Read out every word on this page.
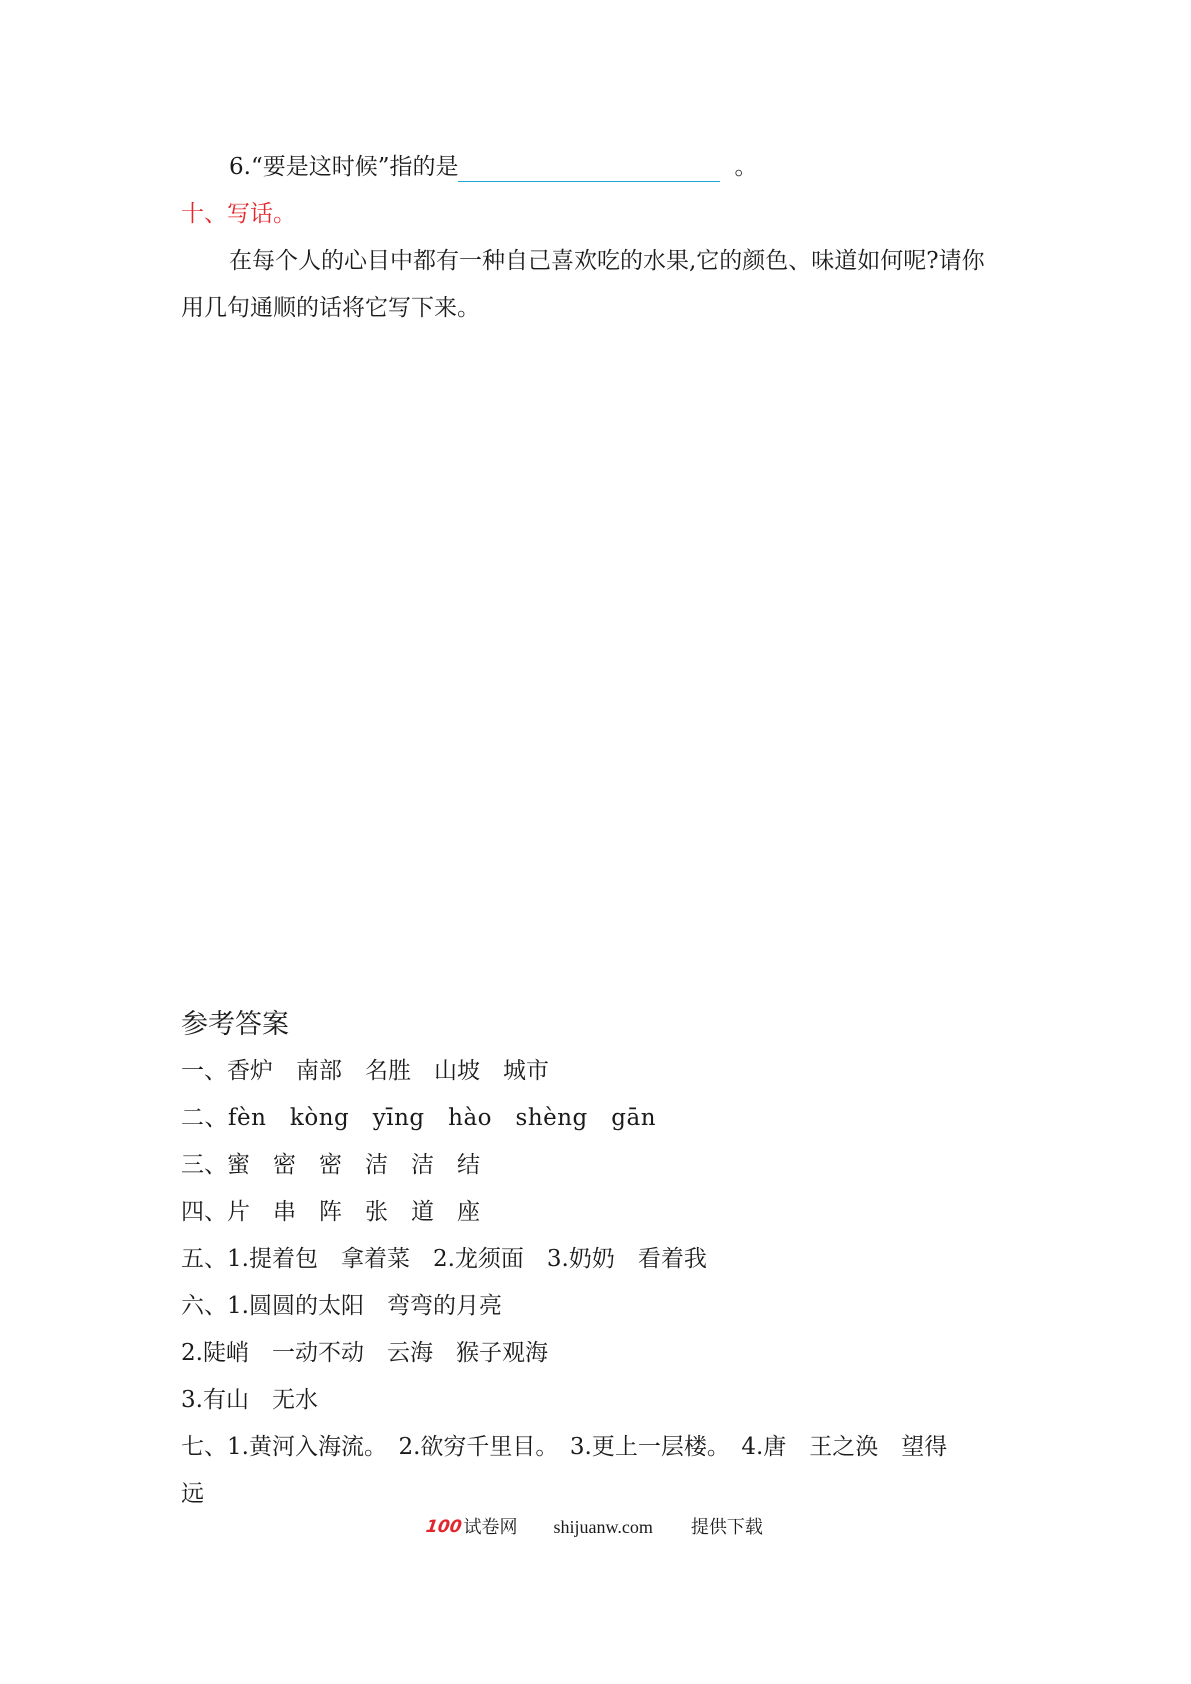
6.“要是这时候”指的是	。
十、写话。
在每个人的心目中都有一种自己喜欢吃的水果,它的颜色、味道如何呢?请你
用几句通顺的话将它写下来。
参考答案
一、香炉　南部　名胜　山坡　城市
二、fèn　kòng　yīng　hào　shèng　gān
三、蜜　密　密　洁　洁　结
四、片　串　阵　张　道　座
五、1.提着包　拿着菜　2.龙须面　3.奶奶　看着我
六、1.圆圆的太阳　弯弯的月亮
2.陡峭　一动不动　云海　猴子观海
3.有山　无水
七、1.黄河入海流。　2.欲穷千里目。　3.更上一层楼。　4.唐　王之涣　望得
远
100 试卷网 shijuanw.com 提供下载
